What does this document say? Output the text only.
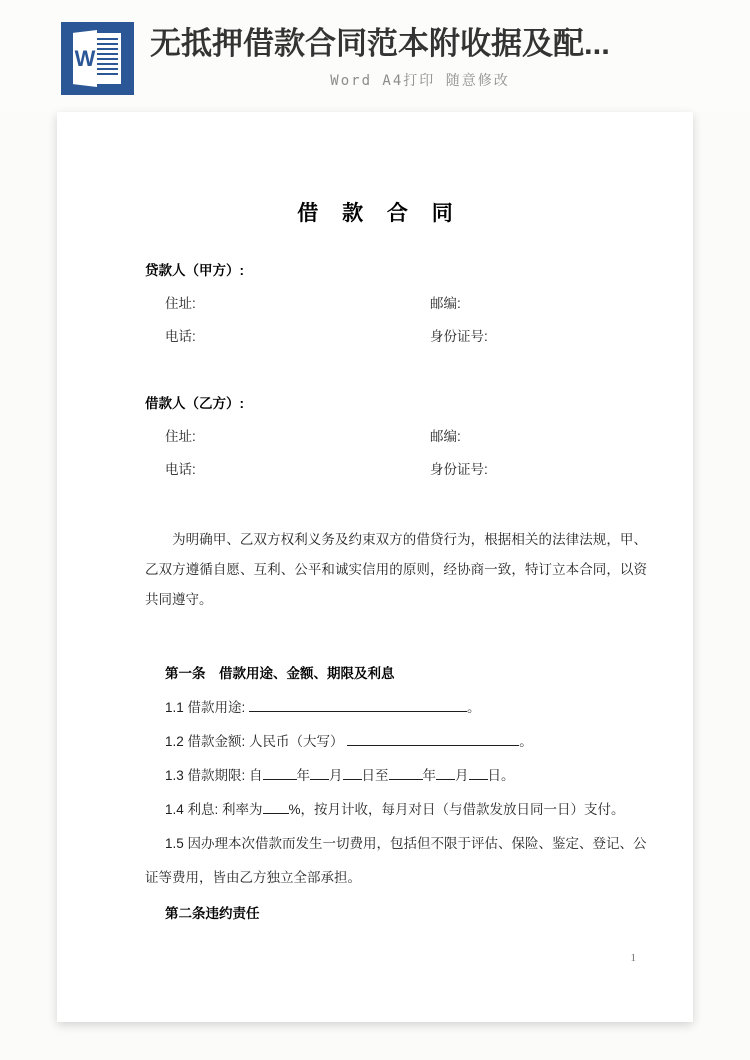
W 无抵押借款合同范本附收据及配...
Word A4打印 随意修改
借 款 合 同
贷款人（甲方）:
住址:	邮编:
电话:	身份证号:
借款人（乙方）:
住址:	邮编:
电话:	身份证号:
为明确甲、乙双方权利义务及约束双方的借贷行为，根据相关的法律法规，甲、乙双方遵循自愿、互利、公平和诚实信用的原则，经协商一致，特订立本合同，以资共同遵守。
第一条　借款用途、金额、期限及利息
1.1 借款用途:	。
1.2 借款金额: 人民币（大写）	。
1.3 借款期限: 自	年 月 日至	年 月 日。
1.4 利息: 利率为 %，按月计收，每月对日（与借款发放日同一日）支付。
1.5 因办理本次借款而发生一切费用，包括但不限于评估、保险、鉴定、登记、公
证等费用，皆由乙方独立全部承担。
第二条违约责任
1
